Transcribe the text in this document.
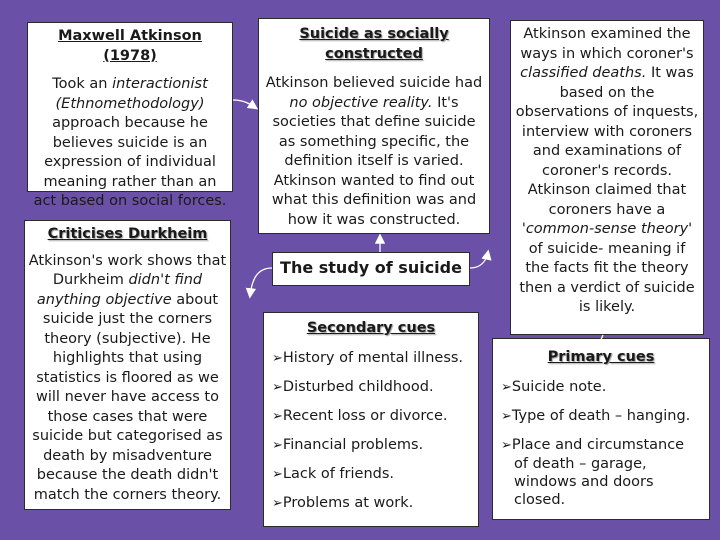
Maxwell Atkinson (1978)
Took an interactionist (Ethnomethodology) approach because he believes suicide is an expression of individual meaning rather than an act based on social forces.
Criticises Durkheim
Atkinson's work shows that Durkheim didn't find anything objective about suicide just the corners theory (subjective). He highlights that using statistics is floored as we will never have access to those cases that were suicide but categorised as death by misadventure because the death didn't match the corners theory.
Suicide as socially constructed
Atkinson believed suicide had no objective reality. It's societies that define suicide as something specific, the definition itself is varied. Atkinson wanted to find out what this definition was and how it was constructed.
The study of suicide
Secondary cues
➢History of mental illness.
➢Disturbed childhood.
➢Recent loss or divorce.
➢Financial problems.
➢Lack of friends.
➢Problems at work.
Atkinson examined the ways in which coroner's classified deaths. It was based on the observations of inquests, interview with coroners and examinations of coroner's records. Atkinson claimed that coroners have a 'common-sense theory' of suicide- meaning if the facts fit the theory then a verdict of suicide is likely.
Primary cues
➢Suicide note.
➢Type of death – hanging.
➢Place and circumstance of death – garage, windows and doors closed.
